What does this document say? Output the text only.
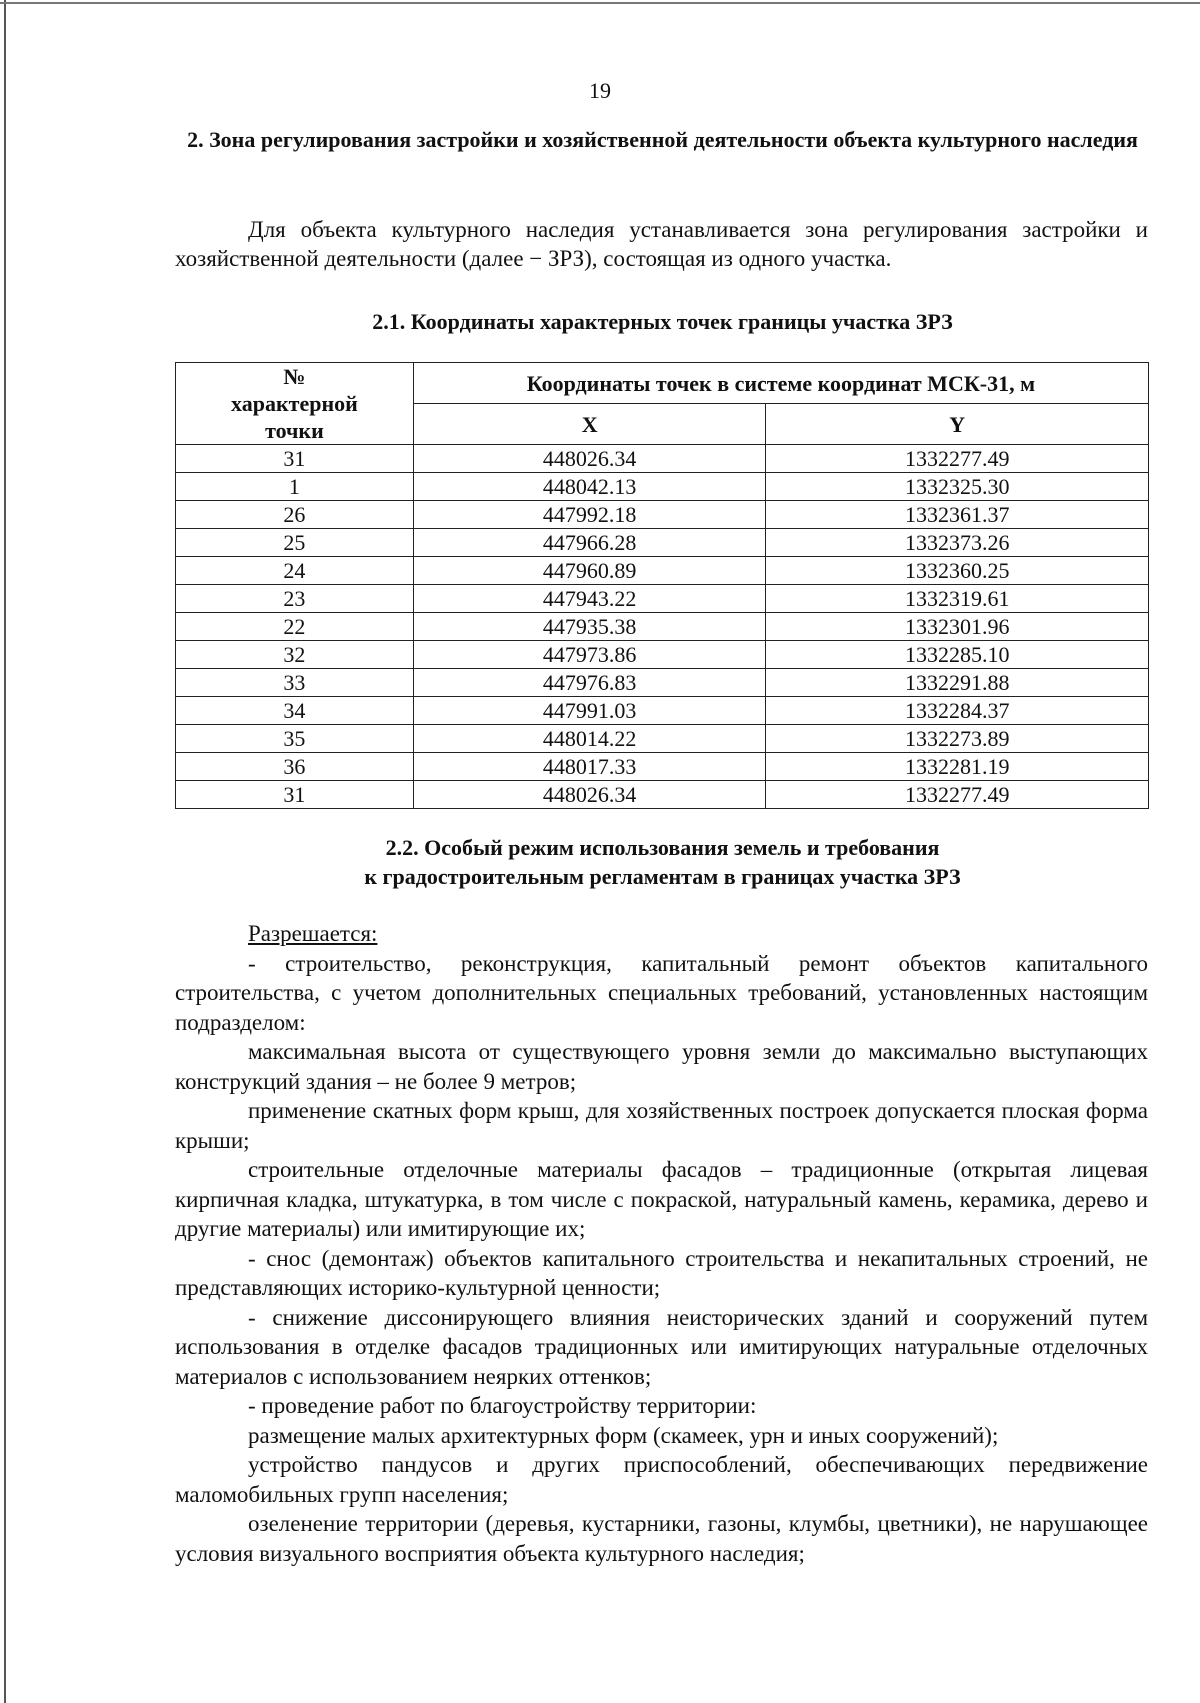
19
2. Зона регулирования застройки и хозяйственной деятельности объекта культурного наследия
Для объекта культурного наследия устанавливается зона регулирования застройки и хозяйственной деятельности (далее − ЗРЗ), состоящая из одного участка.
2.1. Координаты характерных точек границы участка ЗРЗ
№ характерной точки	Координаты точек в системе координат МСК-31, м	
	X	Y
31	448026.34	1332277.49
1	448042.13	1332325.30
26	447992.18	1332361.37
25	447966.28	1332373.26
24	447960.89	1332360.25
23	447943.22	1332319.61
22	447935.38	1332301.96
32	447973.86	1332285.10
33	447976.83	1332291.88
34	447991.03	1332284.37
35	448014.22	1332273.89
36	448017.33	1332281.19
31	448026.34	1332277.49
2.2. Особый режим использования земель и требования
к градостроительным регламентам в границах участка ЗРЗ

Разрешается:

- строительство, реконструкция, капитальный ремонт объектов капитального строительства, с учетом дополнительных специальных требований, установленных настоящим подразделом:

максимальная высота от существующего уровня земли до максимально выступающих конструкций здания – не более 9 метров;

применение скатных форм крыш, для хозяйственных построек допускается плоская форма крыши;

строительные отделочные материалы фасадов – традиционные (открытая лицевая кирпичная кладка, штукатурка, в том числе с покраской, натуральный камень, керамика, дерево и другие материалы) или имитирующие их;

- снос (демонтаж) объектов капитального строительства и некапитальных строений, не представляющих историко-культурной ценности;

- снижение диссонирующего влияния неисторических зданий и сооружений путем использования в отделке фасадов традиционных или имитирующих натуральные отделочных материалов с использованием неярких оттенков;

- проведение работ по благоустройству территории:

размещение малых архитектурных форм (скамеек, урн и иных сооружений);

устройство пандусов и других приспособлений, обеспечивающих передвижение маломобильных групп населения;

озеленение территории (деревья, кустарники, газоны, клумбы, цветники), не нарушающее условия визуального восприятия объекта культурного наследия;
